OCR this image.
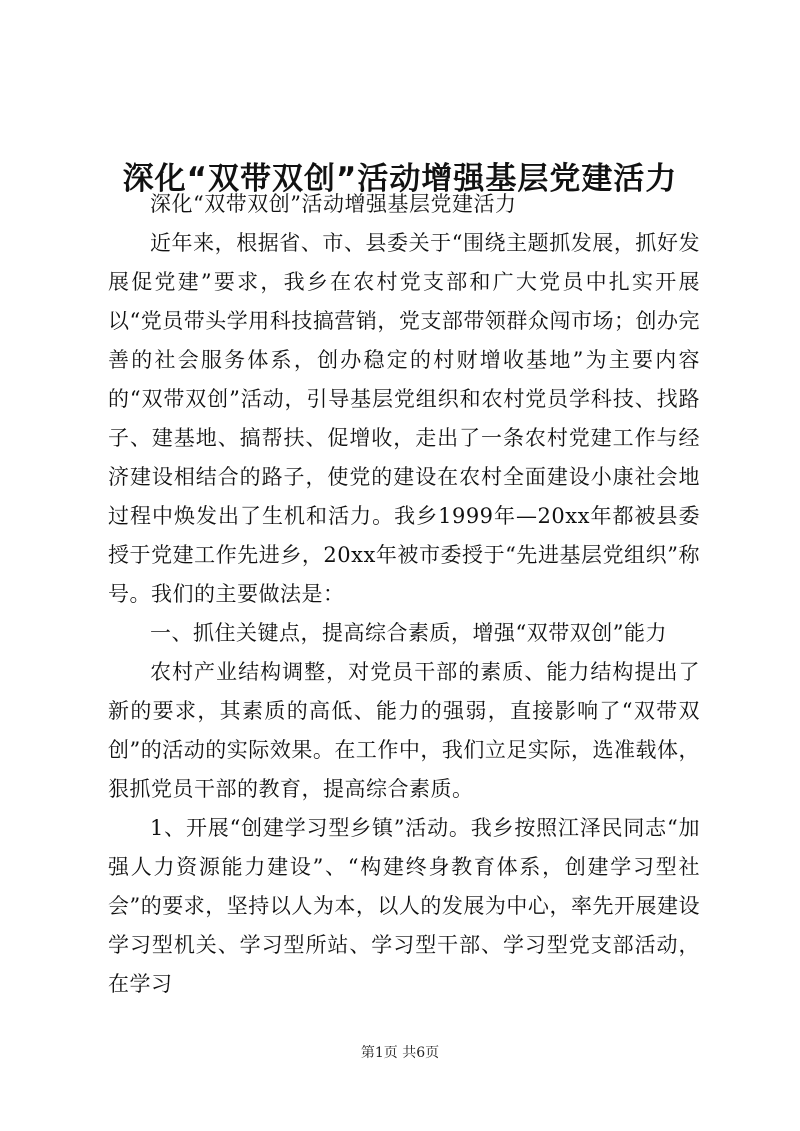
深化“双带双创”活动增强基层党建活力

深化“双带双创”活动增强基层党建活力

近年来，根据省、市、县委关于“围绕主题抓发展，抓好发展促党建”要求，我乡在农村党支部和广大党员中扎实开展以“党员带头学用科技搞营销，党支部带领群众闯市场；创办完善的社会服务体系，创办稳定的村财增收基地”为主要内容的“双带双创”活动，引导基层党组织和农村党员学科技、找路子、建基地、搞帮扶、促增收，走出了一条农村党建工作与经济建设相结合的路子，使党的建设在农村全面建设小康社会地过程中焕发出了生机和活力。我乡1999年—20xx年都被县委授于党建工作先进乡，20xx年被市委授于“先进基层党组织”称号。我们的主要做法是：

一、抓住关键点，提高综合素质，增强“双带双创”能力

农村产业结构调整，对党员干部的素质、能力结构提出了新的要求，其素质的高低、能力的强弱，直接影响了“双带双创”的活动的实际效果。在工作中，我们立足实际，选准载体，狠抓党员干部的教育，提高综合素质。

1、开展“创建学习型乡镇”活动。我乡按照江泽民同志“加强人力资源能力建设”、“构建终身教育体系，创建学习型社会”的要求，坚持以人为本，以人的发展为中心，率先开展建设学习型机关、学习型所站、学习型干部、学习型党支部活动，在学习

第1页 共6页
